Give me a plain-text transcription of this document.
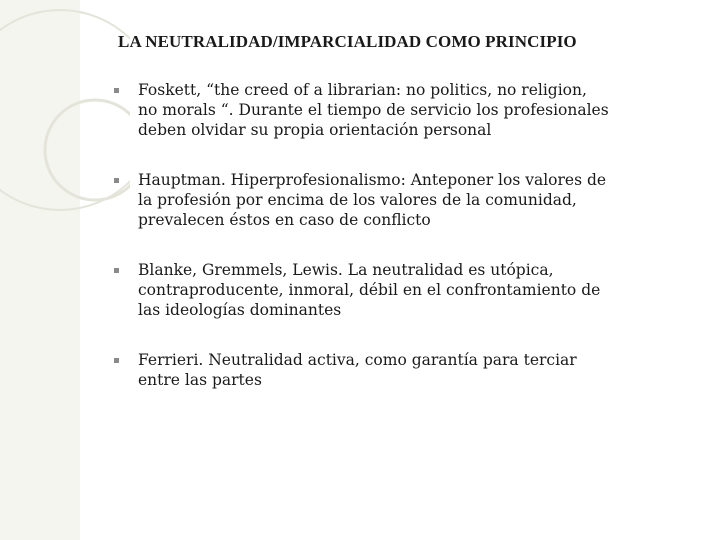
LA NEUTRALIDAD/IMPARCIALIDAD COMO PRINCIPIO
Foskett, “the creed of a librarian: no politics, no religion, no morals “. Durante el tiempo de servicio los profesionales deben olvidar su propia orientación personal
Hauptman. Hiperprofesionalismo: Anteponer los valores de la profesión por encima de los valores de la comunidad, prevalecen éstos en caso de conflicto
Blanke, Gremmels, Lewis. La neutralidad es utópica, contraproducente, inmoral, débil en el confrontamiento de las ideologías dominantes
Ferrieri. Neutralidad activa, como garantía para terciar entre las partes
